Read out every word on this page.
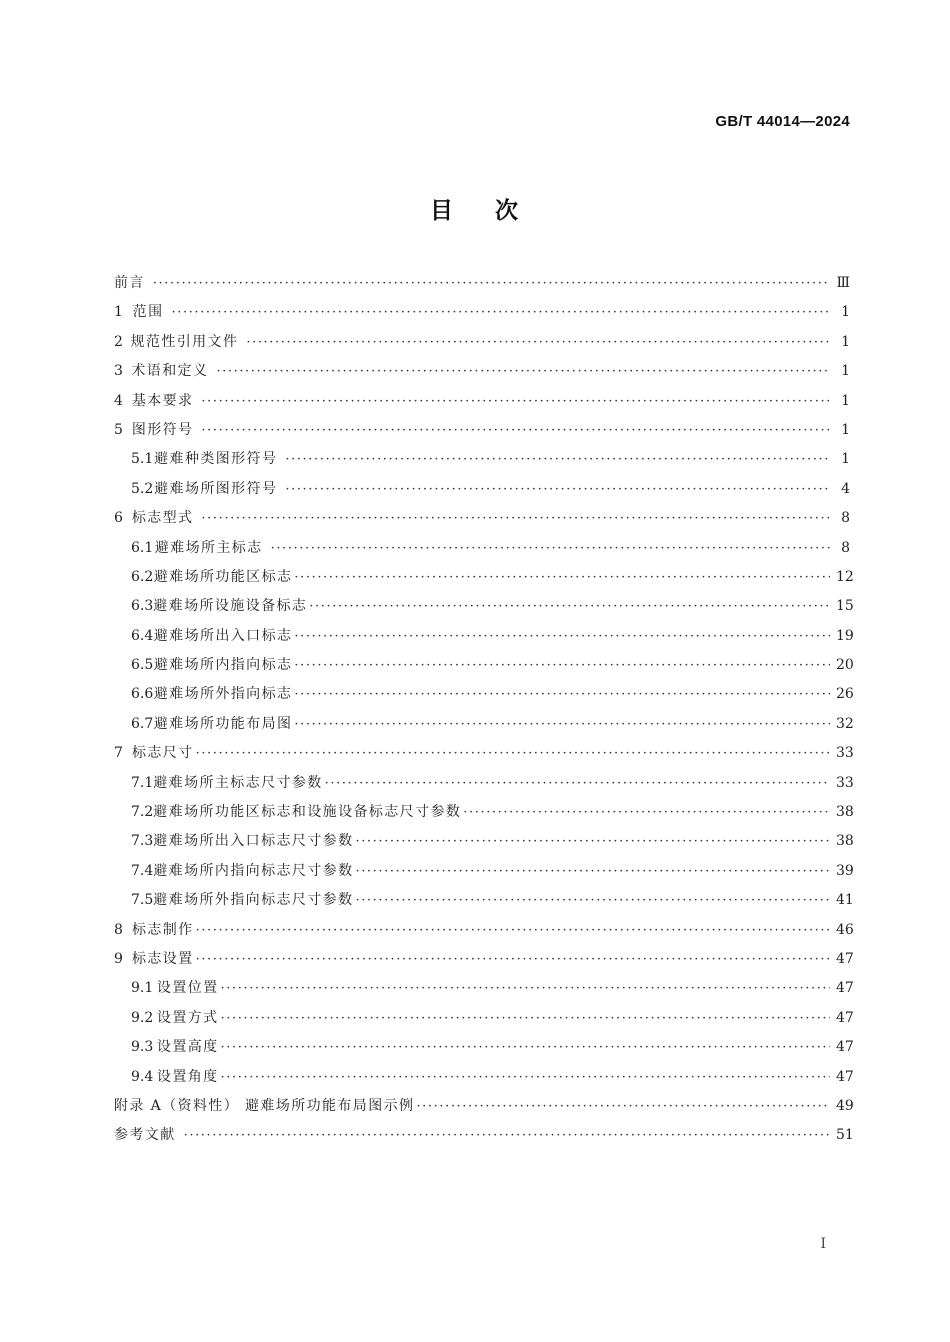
GB/T 44014—2024
目 次
前言 ·····	Ⅲ
1 范围 ·····	1
2 规范性引用文件 ·····	1
3 术语和定义 ·····	1
4 基本要求 ·····	1
5 图形符号 ·····	1
5.1 避难种类图形符号 ·····	1
5.2 避难场所图形符号 ·····	4
6 标志型式 ·····	8
6.1 避难场所主标志 ·····	8
6.2 避难场所功能区标志 ·····	12
6.3 避难场所设施设备标志 ·····	15
6.4 避难场所出入口标志 ·····	19
6.5 避难场所内指向标志 ·····	20
6.6 避难场所外指向标志 ·····	26
6.7 避难场所功能布局图 ·····	32
7 标志尺寸 ·····	33
7.1 避难场所主标志尺寸参数 ·····	33
7.2 避难场所功能区标志和设施设备标志尺寸参数 ·····	38
7.3 避难场所出入口标志尺寸参数 ·····	38
7.4 避难场所内指向标志尺寸参数 ·····	39
7.5 避难场所外指向标志尺寸参数 ·····	41
8 标志制作 ·····	46
9 标志设置 ·····	47
9.1 设置位置 ·····	47
9.2 设置方式 ·····	47
9.3 设置高度 ·····	47
9.4 设置角度 ·····	47
附录 A（资料性） 避难场所功能布局图示例 ·····	49
参考文献 ·····	51
Ⅰ
